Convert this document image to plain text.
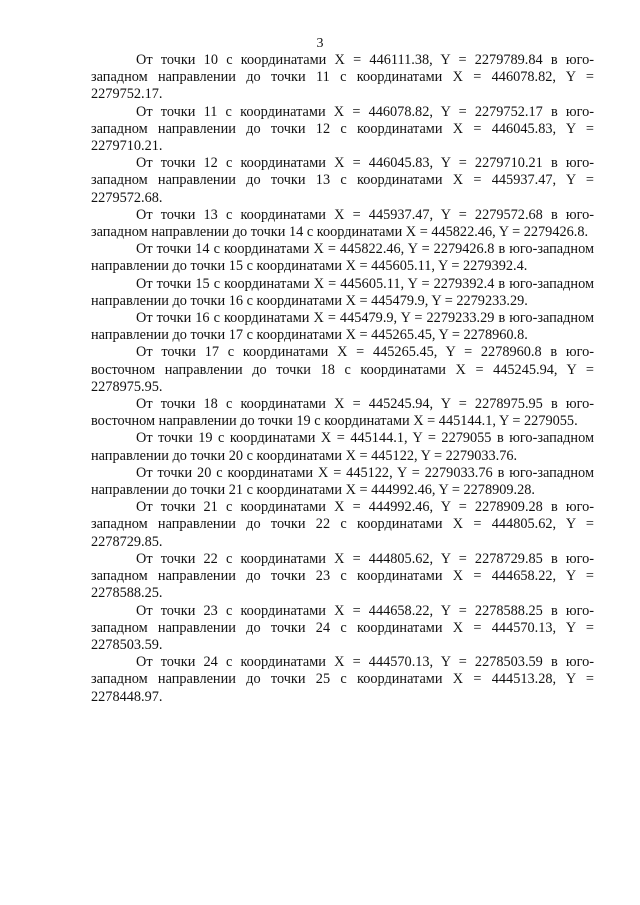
3

От точки 10 с координатами X = 446111.38, Y = 2279789.84 в юго-западном направлении до точки 11 с координатами X = 446078.82, Y = 2279752.17.

От точки 11 с координатами X = 446078.82, Y = 2279752.17 в юго-западном направлении до точки 12 с координатами X = 446045.83, Y = 2279710.21.

От точки 12 с координатами X = 446045.83, Y = 2279710.21 в юго-западном направлении до точки 13 с координатами X = 445937.47, Y = 2279572.68.

От точки 13 с координатами X = 445937.47, Y = 2279572.68 в юго-западном направлении до точки 14 с координатами X = 445822.46, Y = 2279426.8.

От точки 14 с координатами X = 445822.46, Y = 2279426.8 в юго-западном направлении до точки 15 с координатами X = 445605.11, Y = 2279392.4.

От точки 15 с координатами X = 445605.11, Y = 2279392.4 в юго-западном направлении до точки 16 с координатами X = 445479.9, Y = 2279233.29.

От точки 16 с координатами X = 445479.9, Y = 2279233.29 в юго-западном направлении до точки 17 с координатами X = 445265.45, Y = 2278960.8.

От точки 17 с координатами X = 445265.45, Y = 2278960.8 в юго-восточном направлении до точки 18 с координатами X = 445245.94, Y = 2278975.95.

От точки 18 с координатами X = 445245.94, Y = 2278975.95 в юго-восточном направлении до точки 19 с координатами X = 445144.1, Y = 2279055.

От точки 19 с координатами X = 445144.1, Y = 2279055 в юго-западном направлении до точки 20 с координатами X = 445122, Y = 2279033.76.

От точки 20 с координатами X = 445122, Y = 2279033.76 в юго-западном направлении до точки 21 с координатами X = 444992.46, Y = 2278909.28.

От точки 21 с координатами X = 444992.46, Y = 2278909.28 в юго-западном направлении до точки 22 с координатами X = 444805.62, Y = 2278729.85.

От точки 22 с координатами X = 444805.62, Y = 2278729.85 в юго-западном направлении до точки 23 с координатами X = 444658.22, Y = 2278588.25.

От точки 23 с координатами X = 444658.22, Y = 2278588.25 в юго-западном направлении до точки 24 с координатами X = 444570.13, Y = 2278503.59.

От точки 24 с координатами X = 444570.13, Y = 2278503.59 в юго-западном направлении до точки 25 с координатами X = 444513.28, Y = 2278448.97.
